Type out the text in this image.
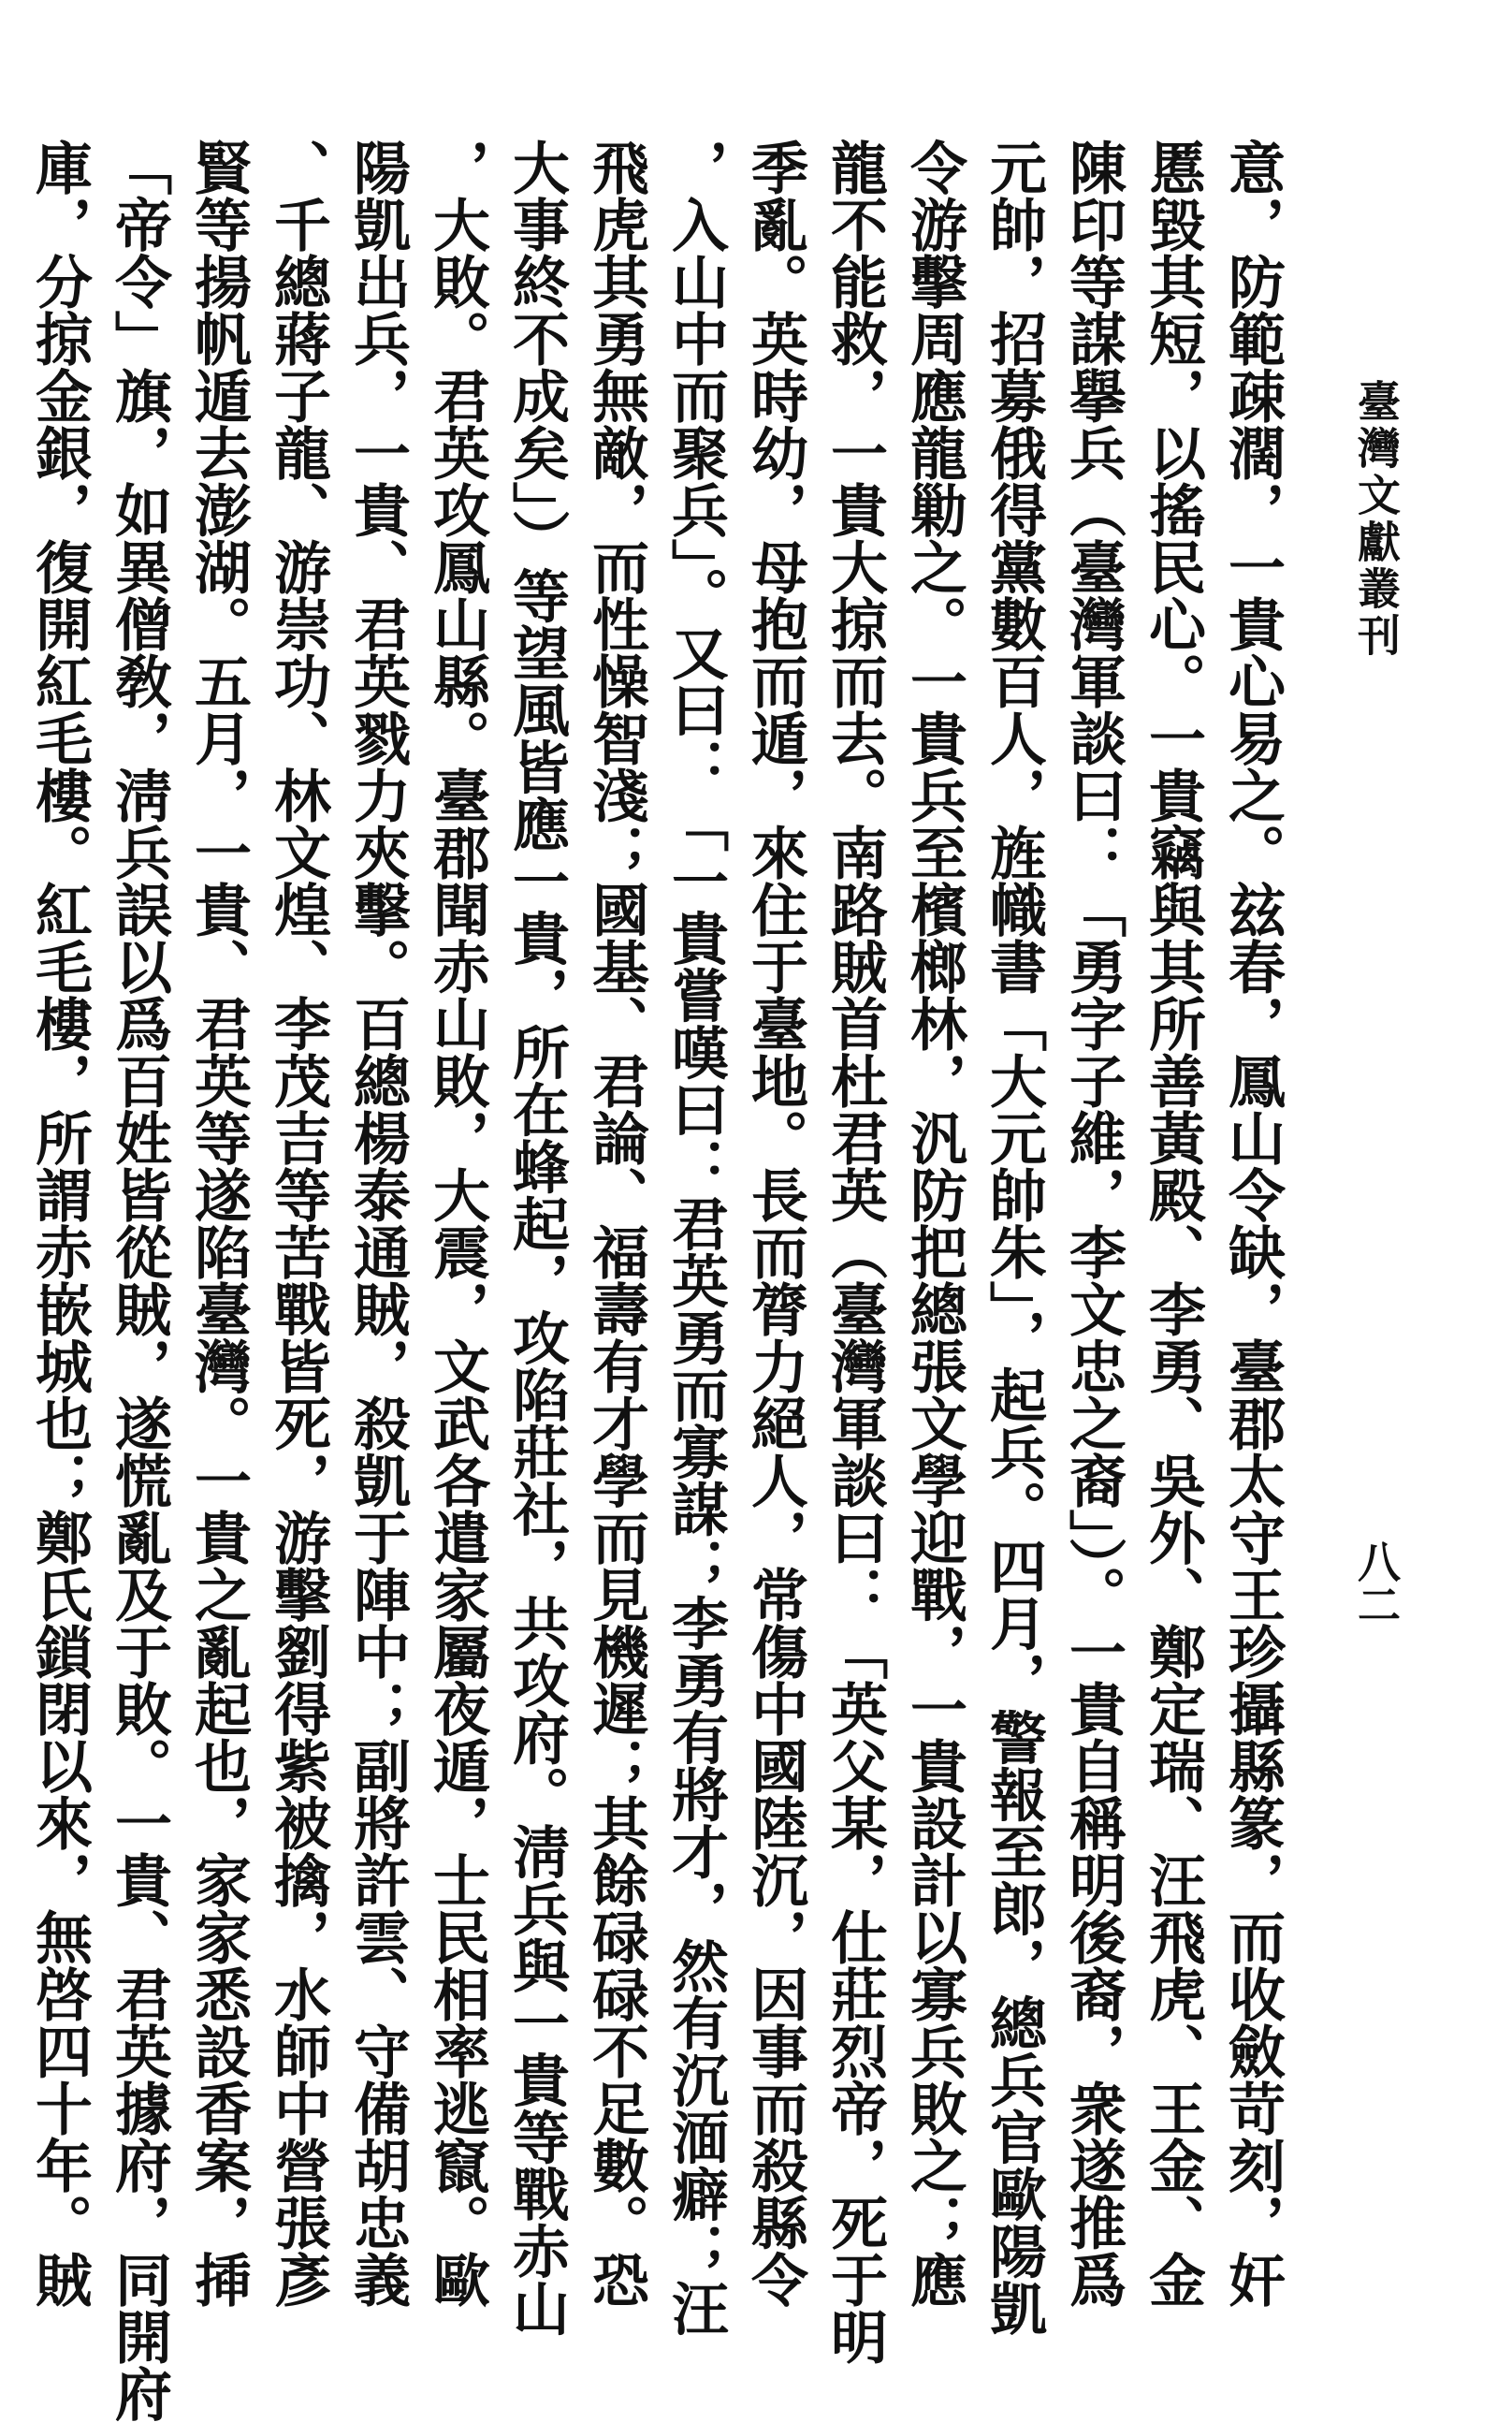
臺灣文獻叢刊
八二
意，防範疎濶，一貴心易之。玆春，鳳山令缺，臺郡太守王珍攝縣篆，而收斂苛刻，奸
慝毀其短，以搖民心。一貴竊與其所善黃殿、李勇、吳外、鄭定瑞、汪飛虎、王金、金
陳印等謀擧兵（臺灣軍談曰：「勇字子維，李文忠之裔」）。一貴自稱明後裔，衆遂推爲
元帥，招募俄得黨數百人，旌幟書「大元帥朱」，起兵。四月，警報至郎，總兵官歐陽凱
令游擊周應龍勦之。一貴兵至檳榔林，汎防把總張文學迎戰，一貴設計以寡兵敗之；應
龍不能救，一貴大掠而去。南路賊首杜君英（臺灣軍談曰：「英父某，仕莊烈帝，死于明
季亂。英時幼，母抱而遁，來住于臺地。長而膂力絕人，常傷中國陸沉，因事而殺縣令
，入山中而聚兵」。又曰：「一貴嘗嘆曰：君英勇而寡謀；李勇有將才，然有沉湎癖；汪
飛虎其勇無敵，而性懆智淺；國基、君論、福壽有才學而見機遲；其餘碌碌不足數。恐
大事終不成矣」）等望風皆應一貴，所在蜂起，攻陷莊社，共攻府。淸兵與一貴等戰赤山
，大敗。君英攻鳳山縣。臺郡聞赤山敗，大震，文武各遣家屬夜遁，士民相率逃竄。歐
陽凱出兵，一貴、君英戮力夾擊。百總楊泰通賊，殺凱于陣中；副將許雲、守備胡忠義
、千總蔣子龍、游崇功、林文煌、李茂吉等苦戰皆死，游擊劉得紫被擒，水師中營張彥
賢等揚帆遁去澎湖。五月，一貴、君英等遂陷臺灣。一貴之亂起也，家家悉設香案，揷
「帝令」旗，如異僧敎，淸兵誤以爲百姓皆從賊，遂慌亂及于敗。一貴、君英據府，同開府
庫，分掠金銀，復開紅毛樓。紅毛樓，所謂赤嵌城也；鄭氏鎖閉以來，無啓四十年。賊
